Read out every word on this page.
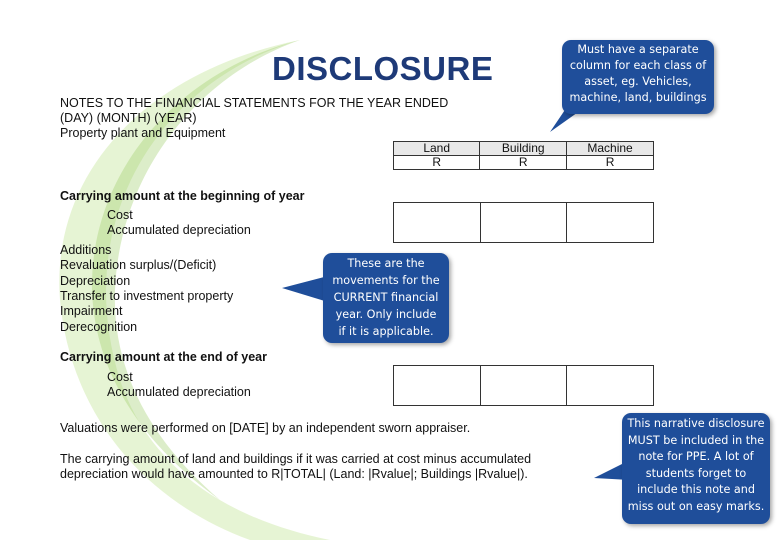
DISCLOSURE
NOTES TO THE FINANCIAL STATEMENTS FOR THE YEAR ENDED
(DAY) (MONTH) (YEAR)
Property plant and Equipment
Land	Building	Machine
R	R	R
Carrying amount at the beginning of year
Cost
Accumulated depreciation

Additions
Revaluation surplus/(Deficit)
Depreciation
Transfer to investment property
Impairment
Derecognition
Carrying amount at the end of year
Cost
Accumulated depreciation

Valuations were performed on [DATE] by an independent sworn appraiser.
The carrying amount of land and buildings if it was carried at cost minus accumulated
depreciation would have amounted to R|TOTAL| (Land: |Rvalue|; Buildings |Rvalue|).
Must have a separate
column for each class of
asset, eg. Vehicles,
machine, land, buildings
These are the
movements for the
CURRENT financial
year. Only include
if it is applicable.
This narrative disclosure
MUST be included in the
note for PPE. A lot of
students forget to
include this note and
miss out on easy marks.
